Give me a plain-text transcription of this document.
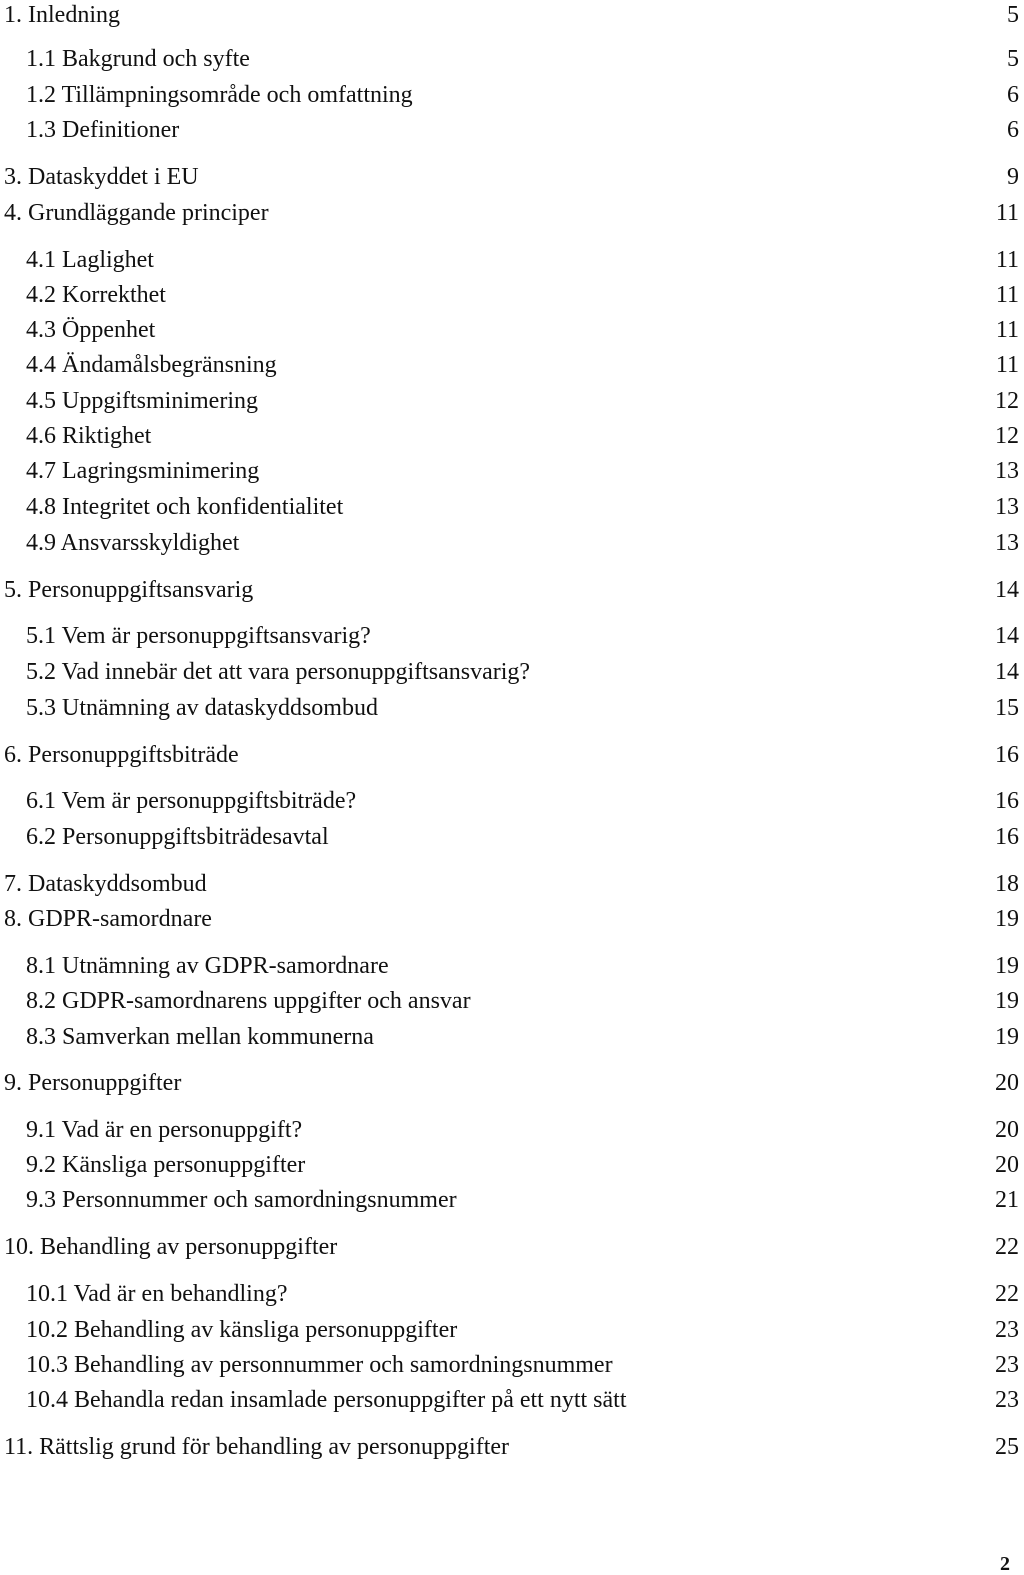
1. Inledning	5
1.1 Bakgrund och syfte	5
1.2 Tillämpningsområde och omfattning	6
1.3 Definitioner	6
3. Dataskyddet i EU	9
4. Grundläggande principer	11
4.1 Laglighet	11
4.2 Korrekthet	11
4.3 Öppenhet	11
4.4 Ändamålsbegränsning	11
4.5 Uppgiftsminimering	12
4.6 Riktighet	12
4.7 Lagringsminimering	13
4.8 Integritet och konfidentialitet	13
4.9 Ansvarsskyldighet	13
5. Personuppgiftsansvarig	14
5.1 Vem är personuppgiftsansvarig?	14
5.2 Vad innebär det att vara personuppgiftsansvarig?	14
5.3 Utnämning av dataskyddsombud	15
6. Personuppgiftsbiträde	16
6.1 Vem är personuppgiftsbiträde?	16
6.2 Personuppgiftsbiträdesavtal	16
7. Dataskyddsombud	18
8. GDPR-samordnare	19
8.1 Utnämning av GDPR-samordnare	19
8.2 GDPR-samordnarens uppgifter och ansvar	19
8.3 Samverkan mellan kommunerna	19
9. Personuppgifter	20
9.1 Vad är en personuppgift?	20
9.2 Känsliga personuppgifter	20
9.3 Personnummer och samordningsnummer	21
10. Behandling av personuppgifter	22
10.1 Vad är en behandling?	22
10.2 Behandling av känsliga personuppgifter	23
10.3 Behandling av personnummer och samordningsnummer	23
10.4 Behandla redan insamlade personuppgifter på ett nytt sätt	23
11. Rättslig grund för behandling av personuppgifter	25
2
